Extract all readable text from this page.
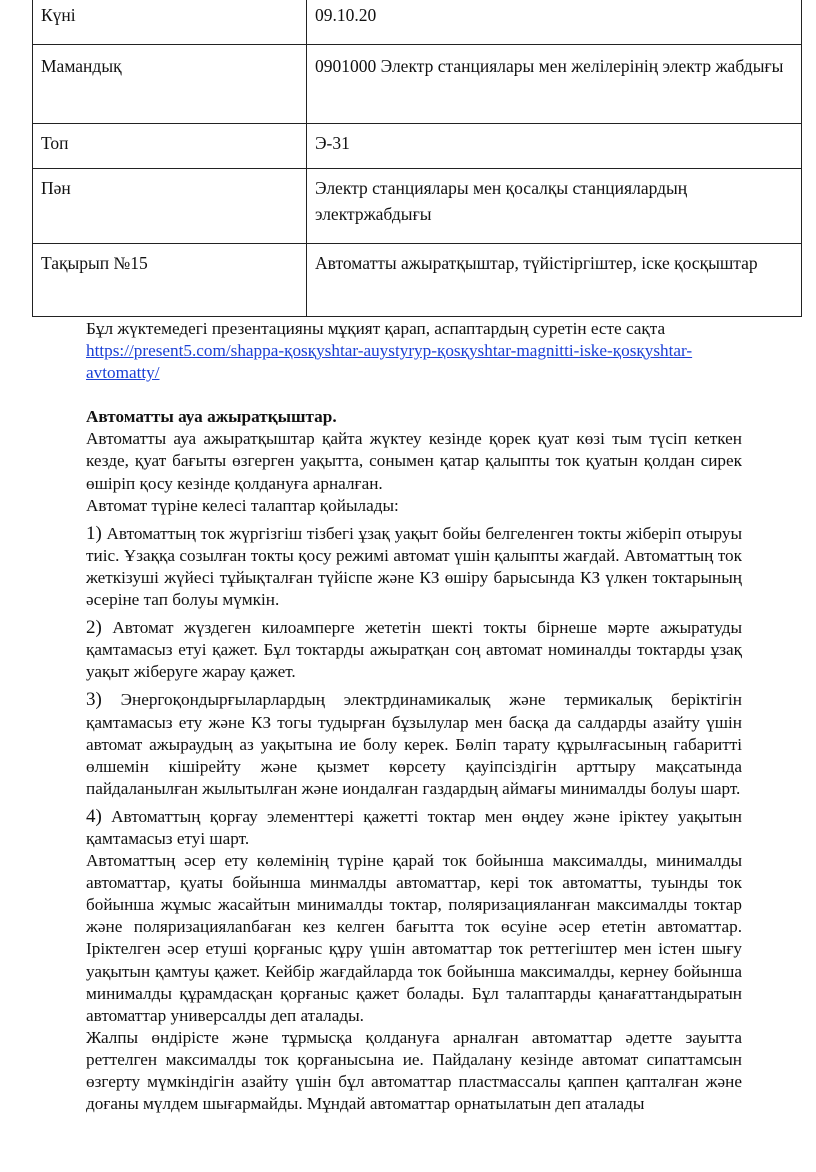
Күні	09.10.20
Мамандық	0901000 Электр станциялары мен желілерінің электр жабдығы
Топ	Э-31
Пән	Электр станциялары мен қосалқы станциялардың электржабдығы
Тақырып №15	Автоматты ажыратқыштар, түйістіргіштер, іске қосқыштар

Бұл жүктемедегі презентацияны мұқият қарап, аспаптардың суретін есте сақта

https://present5.com/shappa-қosқyshtar-auystyryp-қosқyshtar-magnitti-iske-қosқyshtar-avtomatty/

Автоматты ауа ажыратқыштар.

Автоматты ауа ажыратқыштар қайта жүктеу кезінде қорек қуат көзі тым түсіп кеткен кезде, қуат бағыты өзгерген уақытта, сонымен қатар қалыпты ток қуатын қолдан сирек өшіріп қосу кезінде қолдануға арналған.

Автомат түріне келесі талаптар қойылады:

1) Автоматтың ток жүргізгіш тізбегі ұзақ уақыт бойы белгеленген токты жіберіп отыруы тиіс. Ұзаққа созылған токты қосу режимі автомат үшін қалыпты жағдай. Автоматтың ток жеткізуші жүйесі тұйықталған түйіспе және КЗ өшіру барысында КЗ үлкен токтарының әсеріне тап болуы мүмкін.

2) Автомат жүздеген килоамперге жететін шекті токты бірнеше мәрте ажыратуды қамтамасыз етуі қажет. Бұл токтарды ажыратқан соң автомат номиналды токтарды ұзақ уақыт жіберуге жарау қажет.

3) Энергоқондырғыларлардың электрдинамикалық және термикалық беріктігін қамтамасыз ету және КЗ тогы тудырған бұзылулар мен басқа да салдарды азайту үшін автомат ажыраудың аз уақытына ие болу керек. Бөліп тарату құрылғасының габаритті өлшемін кішірейту және қызмет көрсету қауіпсіздігін арттыру мақсатында пайдаланылған жылытылған және иондалған газдардың аймағы минималды болуы шарт.

4) Автоматтың қорғау элементтері қажетті токтар мен өңдеу және іріктеу уақытын қамтамасыз етуі шарт.

Автоматтың әсер ету көлемінің түріне қарай ток бойынша максималды, минималды автоматтар, қуаты бойынша минмалды автоматтар, кері ток автоматты, туынды ток бойынша жұмыс жасайтын минималды токтар, поляризацияланған максималды токтар және поляризациялanбаған кез келген бағытта ток өсуіне әсер ететін автоматтар. Іріктелген әсер етуші қорғаныс құру үшін автоматтар ток реттегіштер мен істен шығу уақытын қамтуы қажет. Кейбір жағдайларда ток бойынша максималды, кернеу бойынша минималды құрамдасқан қорғаныс қажет болады. Бұл талаптарды қанағаттандыратын автоматтар универсалды деп аталады.

Жалпы өндірісте және тұрмысқа қолдануға арналған автоматтар әдетте зауытта реттелген максималды ток қорғанысына ие. Пайдалану кезінде автомат сипаттамсын өзгерту мүмкіндігін азайту үшін бұл автоматтар пластмассалы қаппен қапталған және доғаны мүлдем шығармайды. Мұндай автоматтар орнатылатын деп аталады
